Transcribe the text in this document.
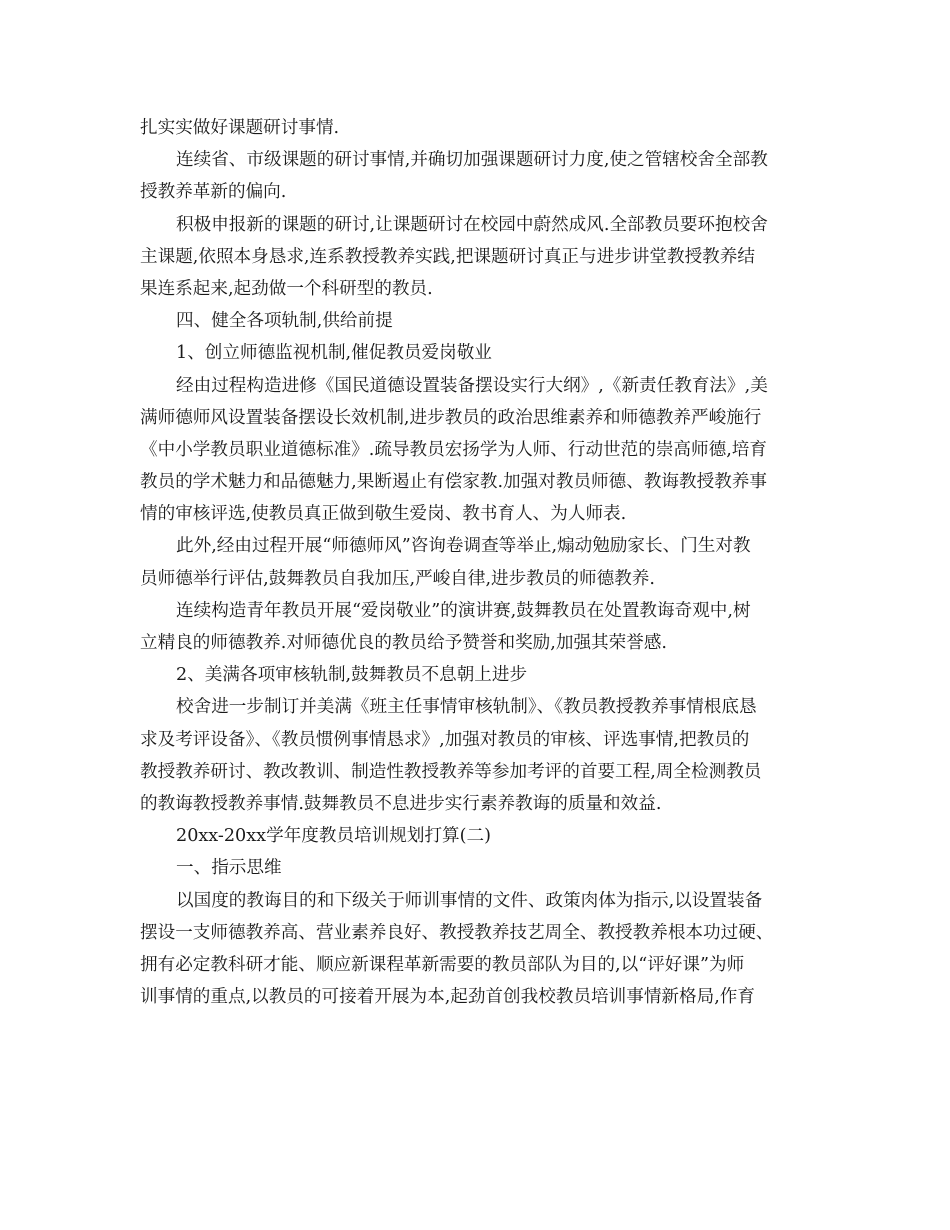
扎实实做好课题研讨事情.
连续省、市级课题的研讨事情,并确切加强课题研讨力度,使之管辖校舍全部教
授教养革新的偏向.
积极申报新的课题的研讨,让课题研讨在校园中蔚然成风.全部教员要环抱校舍
主课题,依照本身恳求,连系教授教养实践,把课题研讨真正与进步讲堂教授教养结
果连系起来,起劲做一个科研型的教员.
四、健全各项轨制,供给前提
1、创立师德监视机制,催促教员爱岗敬业
经由过程构造进修《国民道德设置装备摆设实行大纲》,《新责任教育法》,美
满师德师风设置装备摆设长效机制,进步教员的政治思维素养和师德教养严峻施行
《中小学教员职业道德标准》.疏导教员宏扬学为人师、行动世范的崇高师德,培育
教员的学术魅力和品德魅力,果断遏止有偿家教.加强对教员师德、教诲教授教养事
情的审核评选,使教员真正做到敬生爱岗、教书育人、为人师表.
此外,经由过程开展“师德师风”咨询卷调查等举止,煽动勉励家长、门生对教
员师德举行评估,鼓舞教员自我加压,严峻自律,进步教员的师德教养.
连续构造青年教员开展“爱岗敬业”的演讲赛,鼓舞教员在处置教诲奇观中,树
立精良的师德教养.对师德优良的教员给予赞誉和奖励,加强其荣誉感.
2、美满各项审核轨制,鼓舞教员不息朝上进步
校舍进一步制订并美满《班主任事情审核轨制》、《教员教授教养事情根底恳
求及考评设备》、《教员惯例事情恳求》,加强对教员的审核、评选事情,把教员的
教授教养研讨、教改教训、制造性教授教养等参加考评的首要工程,周全检测教员
的教诲教授教养事情.鼓舞教员不息进步实行素养教诲的质量和效益.
20xx-20xx学年度教员培训规划打算(二)
一、指示思维
以国度的教诲目的和下级关于师训事情的文件、政策肉体为指示,以设置装备
摆设一支师德教养高、营业素养良好、教授教养技艺周全、教授教养根本功过硬、
拥有必定教科研才能、顺应新课程革新需要的教员部队为目的,以“评好课”为师
训事情的重点,以教员的可接着开展为本,起劲首创我校教员培训事情新格局,作育
